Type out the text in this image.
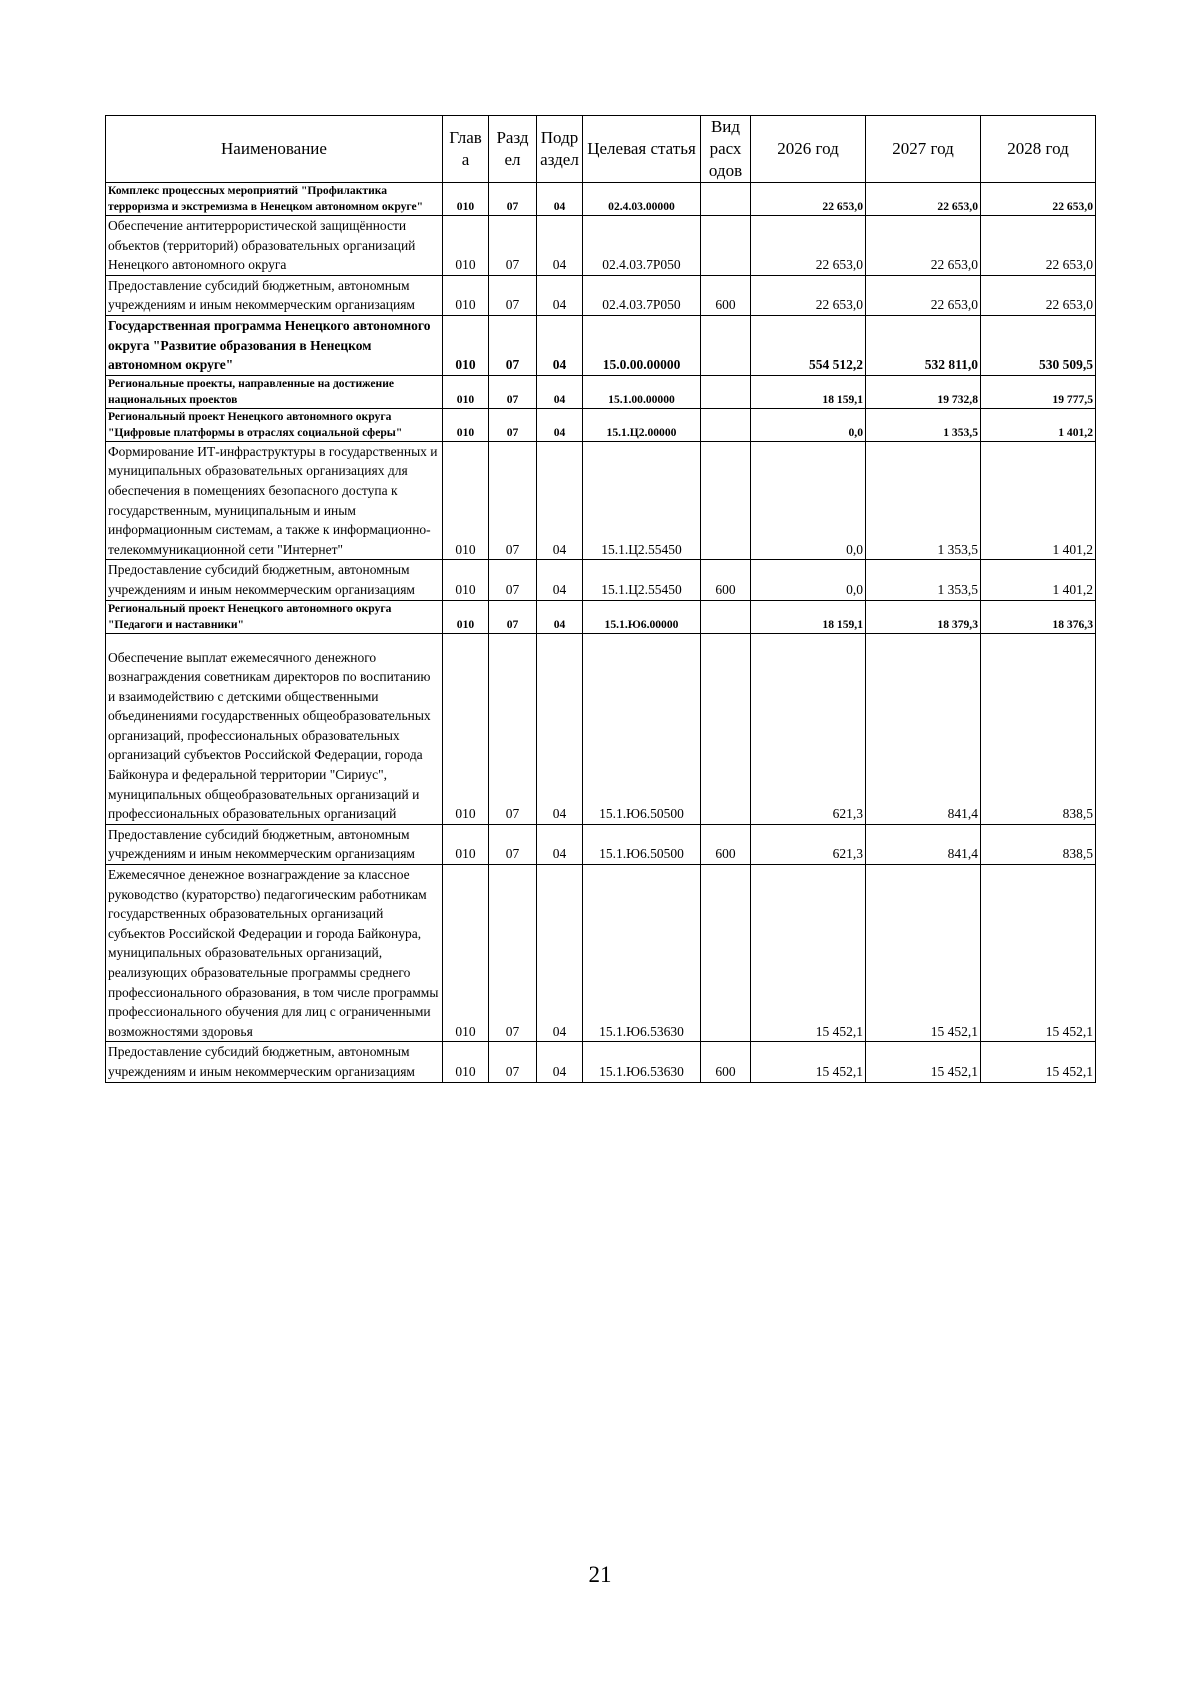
Наименование	Глав а	Разд ел	Подр аздел	Целевая статья	Вид расх одов	2026 год	2027 год	2028 год
Комплекс процессных мероприятий "Профилактика терроризма и экстремизма в Ненецком автономном округе"	010	07	04	02.4.03.00000		22 653,0	22 653,0	22 653,0
Обеспечение антитеррористической защищённости объектов (территорий) образовательных организаций Ненецкого автономного округа	010	07	04	02.4.03.7Р050		22 653,0	22 653,0	22 653,0
Предоставление субсидий бюджетным, автономным учреждениям и иным некоммерческим организациям	010	07	04	02.4.03.7Р050	600	22 653,0	22 653,0	22 653,0
Государственная программа Ненецкого автономного округа "Развитие образования в Ненецком автономном округе"	010	07	04	15.0.00.00000		554 512,2	532 811,0	530 509,5
Региональные проекты, направленные на достижение национальных проектов	010	07	04	15.1.00.00000		18 159,1	19 732,8	19 777,5
Региональный проект Ненецкого автономного округа "Цифровые платформы в отраслях социальной сферы"	010	07	04	15.1.Ц2.00000		0,0	1 353,5	1 401,2
Формирование ИТ-инфраструктуры в государственных и муниципальных образовательных организациях для обеспечения в помещениях безопасного доступа к государственным, муниципальным и иным информационным системам, а также к информационно-телекоммуникационной сети "Интернет"	010	07	04	15.1.Ц2.55450		0,0	1 353,5	1 401,2
Предоставление субсидий бюджетным, автономным учреждениям и иным некоммерческим организациям	010	07	04	15.1.Ц2.55450	600	0,0	1 353,5	1 401,2
Региональный проект Ненецкого автономного округа "Педагоги и наставники"	010	07	04	15.1.Ю6.00000		18 159,1	18 379,3	18 376,3
Обеспечение выплат ежемесячного денежного вознаграждения советникам директоров по воспитанию и взаимодействию с детскими общественными объединениями государственных общеобразовательных организаций, профессиональных образовательных организаций субъектов Российской Федерации, города Байконура и федеральной территории "Сириус", муниципальных общеобразовательных организаций и профессиональных образовательных организаций	010	07	04	15.1.Ю6.50500		621,3	841,4	838,5
Предоставление субсидий бюджетным, автономным учреждениям и иным некоммерческим организациям	010	07	04	15.1.Ю6.50500	600	621,3	841,4	838,5
Ежемесячное денежное вознаграждение за классное руководство (кураторство) педагогическим работникам государственных образовательных организаций субъектов Российской Федерации и города Байконура, муниципальных образовательных организаций, реализующих образовательные программы среднего профессионального образования, в том числе программы профессионального обучения для лиц с ограниченными возможностями здоровья	010	07	04	15.1.Ю6.53630		15 452,1	15 452,1	15 452,1
Предоставление субсидий бюджетным, автономным учреждениям и иным некоммерческим организациям	010	07	04	15.1.Ю6.53630	600	15 452,1	15 452,1	15 452,1
21
